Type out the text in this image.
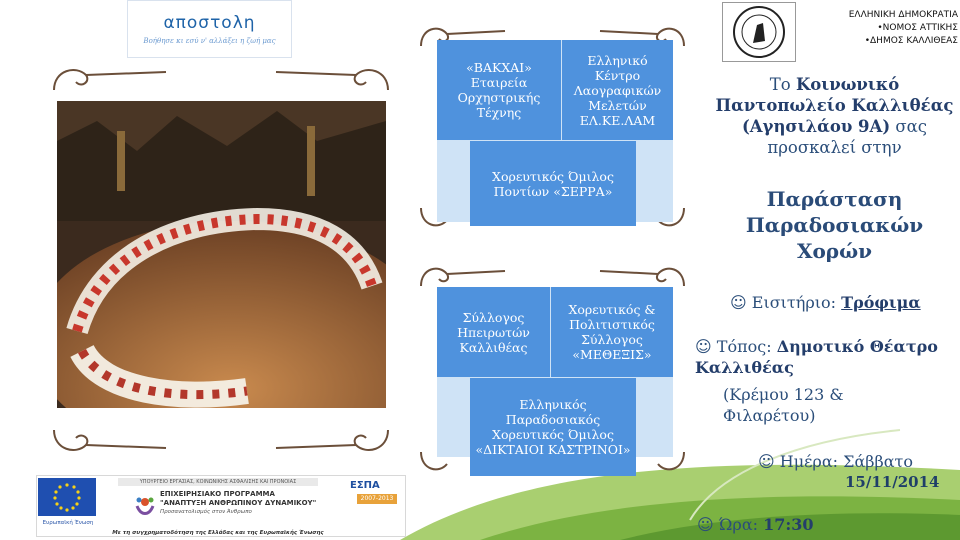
αποστολη
Βοήθησε κι εσύ ν' αλλάξει η ζωή μας
«ΒΑΚΧΑΙ» Εταιρεία Ορχηστρικής Τέχνης
Ελληνικό Κέντρο Λαογραφικών Μελετών ΕΛ.ΚΕ.ΛΑΜ
Χορευτικός Όμιλος Ποντίων «ΣΕΡΡΑ»
Σύλλογος Ηπειρωτών Καλλιθέας
Χορευτικός & Πολιτιστικός Σύλλογος «ΜΕΘΕΞΙΣ»
Ελληνικός Παραδοσιακός Χορευτικός Όμιλος «ΔΙΚΤΑΙΟΙ ΚΑΣΤΡΙΝΟΙ»
ΕΛΛΗΝΙΚΗ ΔΗΜΟΚΡΑΤΙΑ
•ΝΟΜΟΣ ΑΤΤΙΚΗΣ
•ΔΗΜΟΣ ΚΑΛΛΙΘΕΑΣ
Το Κοινωνικό Παντοπωλείο Καλλιθέας (Αγησιλάου 9Α) σας προσκαλεί στην
Παράσταση Παραδοσιακών Χορών
☺ Εισιτήριο: Τρόφιμα
☺ Τόπος: Δημοτικό Θέατρο Καλλιθέας
(Κρέμου 123 & Φιλαρέτου)
☺ Ημέρα: Σάββατο
15/11/2014
☺ Ώρα: 17:30
Ευρωπαϊκή Ένωση
ΥΠΟΥΡΓΕΙΟ ΕΡΓΑΣΙΑΣ, ΚΟΙΝΩΝΙΚΗΣ ΑΣΦΑΛΙΣΗΣ ΚΑΙ ΠΡΟΝΟΙΑΣ
ΕΠΙΧΕΙΡΗΣΙΑΚΟ ΠΡΟΓΡΑΜΜΑ
"ΑΝΑΠΤΥΞΗ ΑΝΘΡΩΠΙΝΟΥ ΔΥΝΑΜΙΚΟΥ"
Προσανατολισμός στον Άνθρωπο
ΕΣΠΑ
2007-2013
Με τη συγχρηματοδότηση της Ελλάδας και της Ευρωπαϊκής Ένωσης
